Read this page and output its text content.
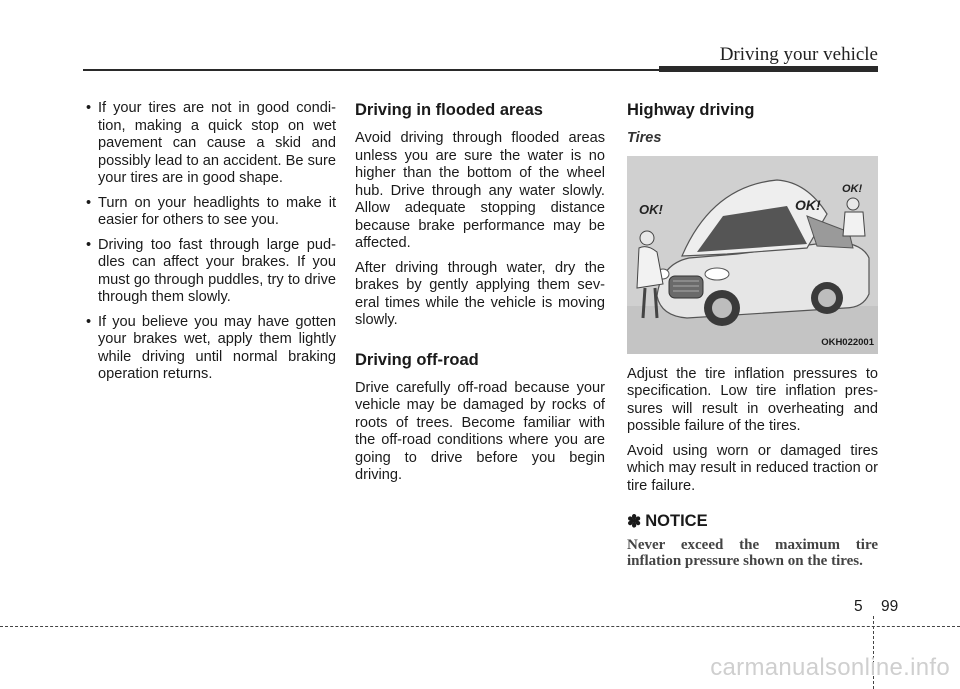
Driving your vehicle
• If your tires are not in good condi-tion, making a quick stop on wet pavement can cause a skid and possibly lead to an accident. Be sure your tires are in good shape.
• Turn on your headlights to make it easier for others to see you.
• Driving too fast through large pud-dles can affect your brakes. If you must go through puddles, try to drive through them slowly.
• If you believe you may have gotten your brakes wet, apply them lightly while driving until normal braking operation returns.
Driving in flooded areas

Avoid driving through flooded areas unless you are sure the water is no higher than the bottom of the wheel hub. Drive through any water slowly. Allow adequate stopping distance because brake performance may be affected.

After driving through water, dry the brakes by gently applying them sev-eral times while the vehicle is moving slowly.

Driving off-road

Drive carefully off-road because your vehicle may be damaged by rocks of roots of trees. Become familiar with the off-road conditions where you are going to drive before you begin driving.

Highway driving
Tires
OK!	OK!
OK!
OKH022001

Adjust the tire inflation pressures to specification. Low tire inflation pres-sures will result in overheating and possible failure of the tires.

Avoid using worn or damaged tires which may result in reduced traction or tire failure.

✽ NOTICE

Never exceed the maximum tire inflation pressure shown on the tires.

5 99
carmanualsonline.info
